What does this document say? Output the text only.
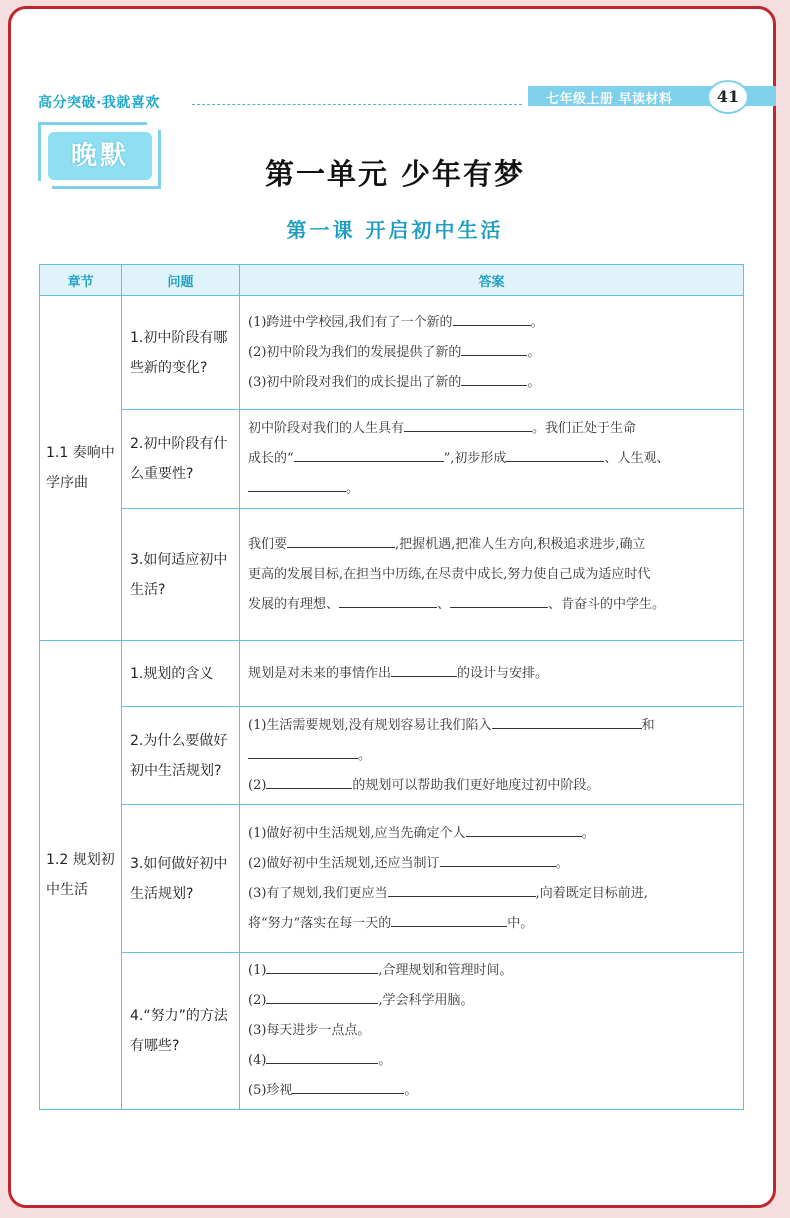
高分突破·我就喜欢	七年级上册 早读材料	41
晚默
第一单元 少年有梦
第一课 开启初中生活
章节	问题	答案
1.1 奏响中学序曲	1.初中阶段有哪些新的变化?	(1)跨进中学校园,我们有了一个新的 。
(2)初中阶段为我们的发展提供了新的 。
(3)初中阶段对我们的成长提出了新的 。

	2.初中阶段有什么重要性?	初中阶段对我们的人生具有 。我们正处于生命
成长的“ ”,初步形成 、人生观、
。

	3.如何适应初中生活?	我们要 ,把握机遇,把准人生方向,积极追求进步,确立
更高的发展目标,在担当中历练,在尽责中成长,努力使自己成为适应时代
发展的有理想、 、 、肯奋斗的中学生。

1.2 规划初中生活	1.规划的含义	规划是对未来的事情作出 的设计与安排。

	2.为什么要做好初中生活规划?	(1)生活需要规划,没有规划容易让我们陷入 和
。
(2) 的规划可以帮助我们更好地度过初中阶段。

	3.如何做好初中生活规划?	(1)做好初中生活规划,应当先确定个人 。
(2)做好初中生活规划,还应当制订 。
(3)有了规划,我们更应当 ,向着既定目标前进,
将“努力”落实在每一天的 中。

	4.“努力”的方法有哪些?	(1) ,合理规划和管理时间。
(2) ,学会科学用脑。
(3)每天进步一点点。
(4) 。
(5)珍视 。
